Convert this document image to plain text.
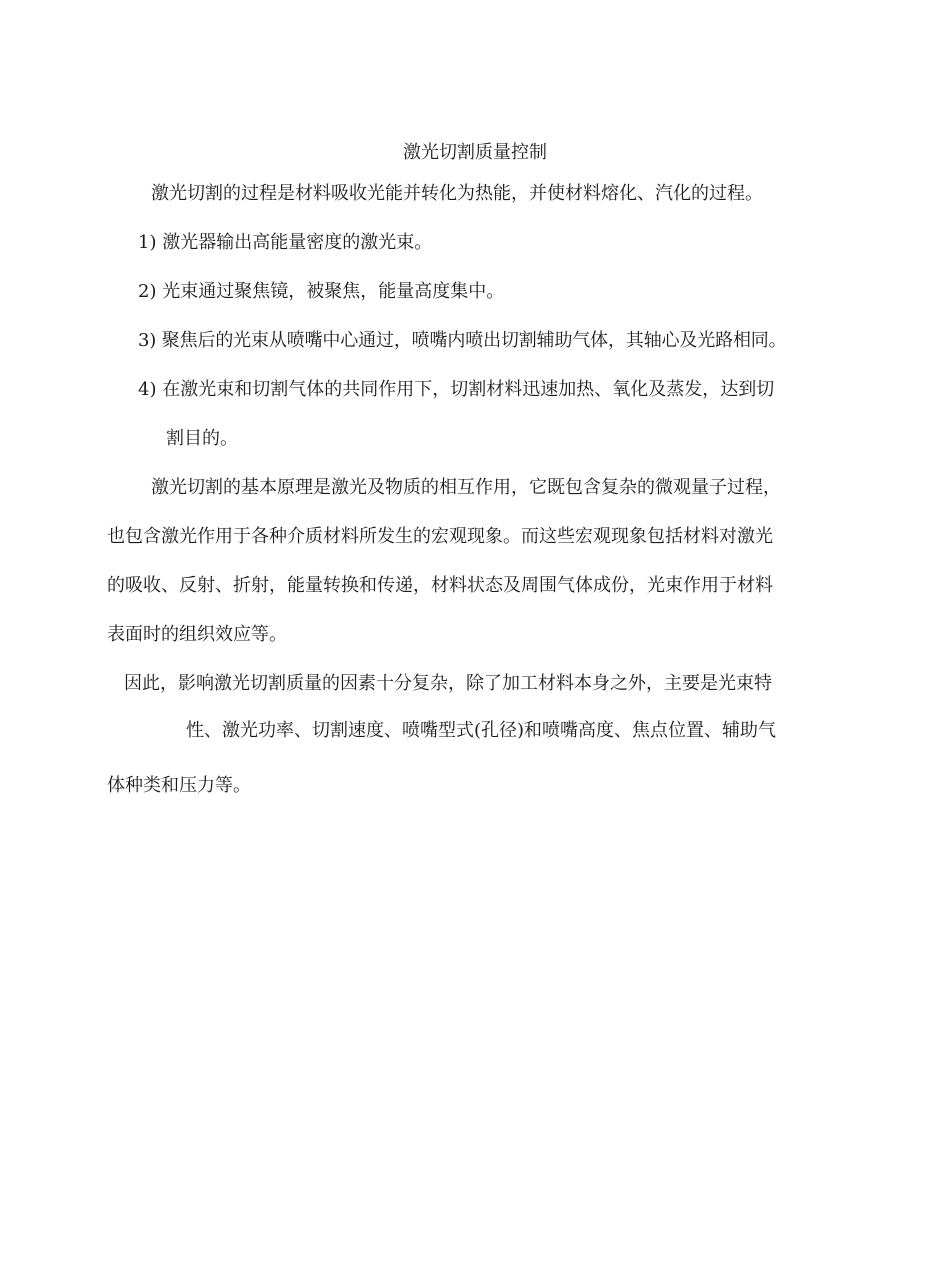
激光切割质量控制
激光切割的过程是材料吸收光能并转化为热能，并使材料熔化、汽化的过程。
1) 激光器输出高能量密度的激光束。
2) 光束通过聚焦镜，被聚焦，能量高度集中。
3) 聚焦后的光束从喷嘴中心通过，喷嘴内喷出切割辅助气体，其轴心及光路相同。
4) 在激光束和切割气体的共同作用下，切割材料迅速加热、氧化及蒸发，达到切
割目的。
激光切割的基本原理是激光及物质的相互作用，它既包含复杂的微观量子过程，
也包含激光作用于各种介质材料所发生的宏观现象。而这些宏观现象包括材料对激光
的吸收、反射、折射，能量转换和传递，材料状态及周围气体成份，光束作用于材料
表面时的组织效应等。
因此，影响激光切割质量的因素十分复杂，除了加工材料本身之外，主要是光束特
性、激光功率、切割速度、喷嘴型式(孔径)和喷嘴高度、焦点位置、辅助气
体种类和压力等。
